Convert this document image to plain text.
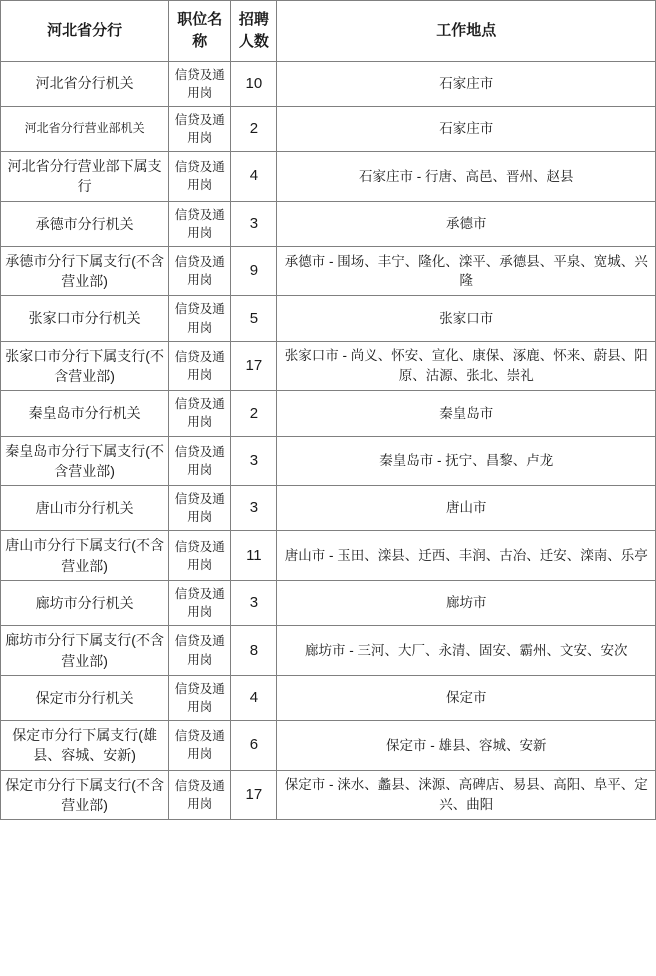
河北省分行	职位名称	招聘人数	工作地点
河北省分行机关	信贷及通用岗	10	石家庄市
河北省分行营业部机关	信贷及通用岗	2	石家庄市
河北省分行营业部下属支行	信贷及通用岗	4	石家庄市 - 行唐、高邑、晋州、赵县
承德市分行机关	信贷及通用岗	3	承德市
承德市分行下属支行(不含营业部)	信贷及通用岗	9	承德市 - 围场、丰宁、隆化、滦平、承德县、平泉、宽城、兴隆
张家口市分行机关	信贷及通用岗	5	张家口市
张家口市分行下属支行(不含营业部)	信贷及通用岗	17	张家口市 - 尚义、怀安、宣化、康保、涿鹿、怀来、蔚县、阳原、沽源、张北、崇礼
秦皇岛市分行机关	信贷及通用岗	2	秦皇岛市
秦皇岛市分行下属支行(不含营业部)	信贷及通用岗	3	秦皇岛市 - 抚宁、昌黎、卢龙
唐山市分行机关	信贷及通用岗	3	唐山市
唐山市分行下属支行(不含营业部)	信贷及通用岗	11	唐山市 - 玉田、滦县、迁西、丰润、古冶、迁安、滦南、乐亭
廊坊市分行机关	信贷及通用岗	3	廊坊市
廊坊市分行下属支行(不含营业部)	信贷及通用岗	8	廊坊市 - 三河、大厂、永清、固安、霸州、文安、安次
保定市分行机关	信贷及通用岗	4	保定市
保定市分行下属支行(雄县、容城、安新)	信贷及通用岗	6	保定市 - 雄县、容城、安新
保定市分行下属支行(不含营业部)	信贷及通用岗	17	保定市 - 涞水、蠡县、涞源、高碑店、易县、高阳、阜平、定兴、曲阳
